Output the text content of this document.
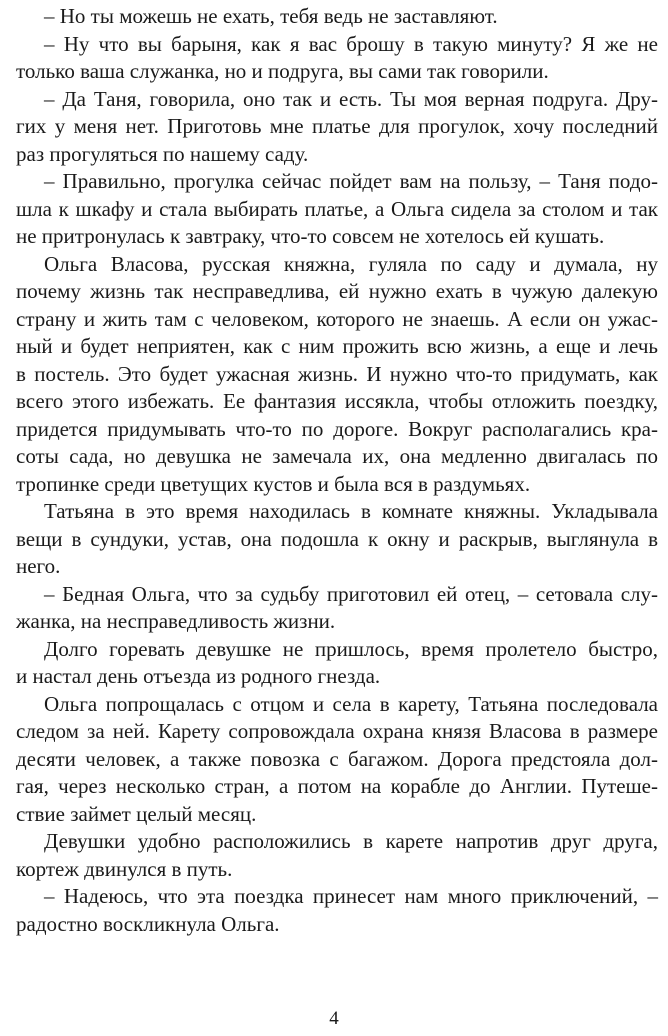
– Но ты можешь не ехать, тебя ведь не заставляют.
– Ну что вы барыня, как я вас брошу в такую минуту? Я же не
только ваша служанка, но и подруга, вы сами так говорили.
– Да Таня, говорила, оно так и есть. Ты моя верная подруга. Дру-
гих у меня нет. Приготовь мне платье для прогулок, хочу последний
раз прогуляться по нашему саду.
– Правильно, прогулка сейчас пойдет вам на пользу, – Таня подо-
шла к шкафу и стала выбирать платье, а Ольга сидела за столом и так
не притронулась к завтраку, что-то совсем не хотелось ей кушать.
Ольга Власова, русская княжна, гуляла по саду и думала, ну
почему жизнь так несправедлива, ей нужно ехать в чужую далекую
страну и жить там с человеком, которого не знаешь. А если он ужас-
ный и будет неприятен, как с ним прожить всю жизнь, а еще и лечь
в постель. Это будет ужасная жизнь. И нужно что-то придумать, как
всего этого избежать. Ее фантазия иссякла, чтобы отложить поездку,
придется придумывать что-то по дороге. Вокруг располагались кра-
соты сада, но девушка не замечала их, она медленно двигалась по
тропинке среди цветущих кустов и была вся в раздумьях.
Татьяна в это время находилась в комнате княжны. Укладывала
вещи в сундуки, устав, она подошла к окну и раскрыв, выглянула в
него.
– Бедная Ольга, что за судьбу приготовил ей отец, – сетовала слу-
жанка, на несправедливость жизни.
Долго горевать девушке не пришлось, время пролетело быстро,
и настал день отъезда из родного гнезда.
Ольга попрощалась с отцом и села в карету, Татьяна последовала
следом за ней. Карету сопровождала охрана князя Власова в размере
десяти человек, а также повозка с багажом. Дорога предстояла дол-
гая, через несколько стран, а потом на корабле до Англии. Путеше-
ствие займет целый месяц.
Девушки удобно расположились в карете напротив друг друга,
кортеж двинулся в путь.
– Надеюсь, что эта поездка принесет нам много приключений, –
радостно воскликнула Ольга.
4
